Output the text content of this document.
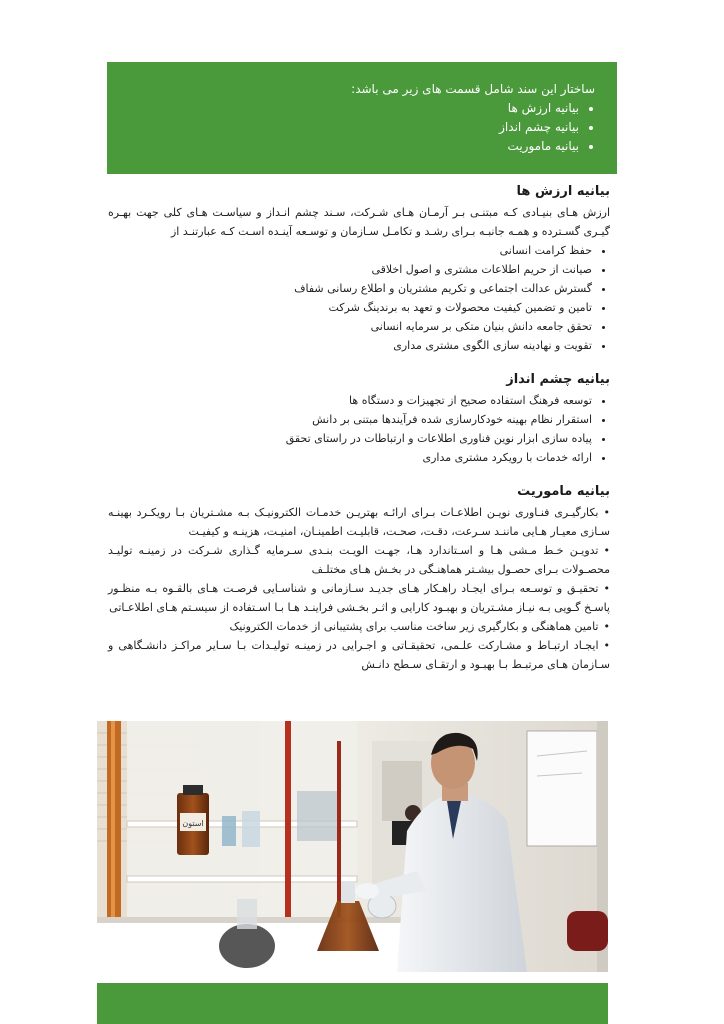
ساختار این سند شامل قسمت های زیر می باشد:

• بیانیه ارزش ها
• بیانیه چشم انداز
• بیانیه ماموریت
بیانیه ارزش ها

ارزش هـای بنیـادی کـه مبتنـی بـر آرمـان هـای شـرکت، سـند چشم انـداز و سیاسـت هـای کلی جهت بهـره گیـری گسـترده و همـه جانبـه بـرای رشـد و تکامـل سـازمان و توسـعه آینـده اسـت کـه عبارتنـد از

• حفظ کرامت انسانی
• صیانت از حریم اطلاعات مشتری و اصول اخلاقی
• گسترش عدالت اجتماعی و تکریم مشتریان و اطلاع رسانی شفاف
• تامین و تضمین کیفیت محصولات و تعهد به برندینگ شرکت
• تحقق جامعه دانش بنیان متکی بر سرمایه انسانی
• تقویت و نهادینه سازی الگوی مشتری مداری
بیانیه چشم انداز
• توسعه فرهنگ استفاده صحیح از تجهیزات و دستگاه ها
• استقرار نظام بهینه خودکارسازی شده فرآیندها مبتنی بر دانش
• پیاده سازی ابزار نوین فناوری اطلاعات و ارتباطات در راستای تحقق
• ارائه خدمات با رویکرد مشتری مداری
بیانیه ماموریت

• بکارگیـری فنـاوری نویـن اطلاعـات بـرای ارائـه بهتریـن خدمـات الکترونیـک بـه مشـتریان بـا رویکـرد بهینـه سـازی معیـار هـایی ماننـد سـرعت، دقـت، صحـت، قابلیـت اطمینـان، امنیـت، هزینـه و کیفیـت

• تدویـن خـط مـشی هـا و اسـتاندارد هـا، جهـت الویـت بنـدی سـرمایه گـذاری شـرکت در زمینـه تولیـد محصـولات بـرای حصـول بیشـتر هماهنـگی در بخـش هـای مختلـف

• تحقیـق و توسـعه بـرای ایجـاد راهـکار هـای جدیـد سـازمانی و شناسـایی فرصـت هـای بالقـوه بـه منظـور پاسـخ گـویی بـه نیـاز مشـتریان و بهبـود کارایی و اثـر بخـشی فراینـد هـا بـا اسـتفاده از سیسـتم هـای اطلاعـاتی

• تامین هماهنگی و بکارگیری زیر ساخت مناسب برای پشتیبانی از خدمات الکترونیک

• ایجـاد ارتبـاط و مشـارکت علـمی، تحقیقـاتی و اجـرایی در زمینـه تولیـدات بـا سـایر مراکـز دانشـگاهی و سـازمان هـای مرتبـط بـا بهبـود و ارتقـای سـطح دانـش

استون
